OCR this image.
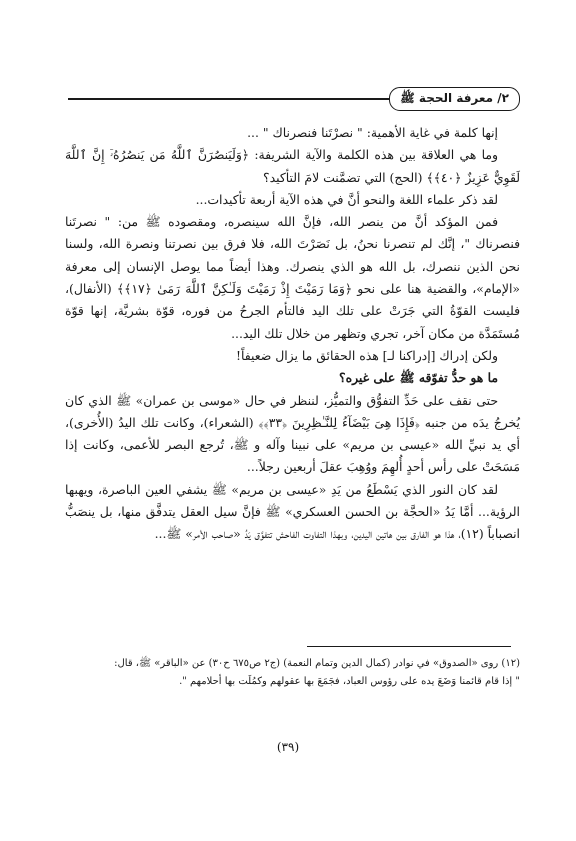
٢/ معرفة الحجة ﷺ

إنها كلمة في غاية الأهمية: " نصرْتَنا فنصرناك " ...

وما هي العلاقة بين هذه الكلمة والآية الشريفة: ﴿وَلَيَنصُرَنَّ ٱللَّهُ مَن يَنصُرُهُۥٓ إِنَّ ٱللَّهَ لَقَوِيٌّ عَزِيزٌ ﴿٤٠﴾﴾ (الحج) التي تضمَّنت لامَ التأكيد؟

لقد ذكر علماء اللغة والنحو أنَّ في هذه الآية أربعة تأكيدات...

فمن المؤكد أنَّ من ينصر الله، فإنَّ الله سينصره، ومقصوده ﷺ من: " نصرتَنا فنصرناك "، إنَّك لم تنصرنا نحنُ، بل نَصَرْتَ الله، فلا فرق بين نصرتنا ونصرة الله، ولسنا نحن الذين ننصرك، بل الله هو الذي ينصرك. وهذا أيضاً مما يوصل الإنسان إلى معرفة «الإمام»، والقضية هنا على نحو ﴿وَمَا رَمَيْتَ إِذْ رَمَيْتَ وَلَـٰكِنَّ ٱللَّهَ رَمَىٰ ﴿١٧﴾﴾ (الأنفال)، فليست القوّةُ التي جَرَتْ على تلك اليد فالتأم الجرحُ من فوره، قوّة بشريَّة، إنها قوّة مُستَمَدَّة من مكان آخر، تجري وتظهر من خلال تلك اليد...

ولكن إدراك [إدراكنا لـ] هذه الحقائق ما يزال ضعيفاً!

ما هو حدُّ تفوّقه ﷺ على غيره؟

حتى نقف على حَدِّ التفوُّق والتميُّز، لننظر في حال «موسى بن عمران» ﷺ الذي كان يُخرجُ يدَه من جنبه ﴿فَإِذَا هِىَ بَيْضَآءُ لِلنَّـٰظِرِينَ ﴿٣٣﴾﴾ (الشعراء)، وكانت تلك اليدُ (الأُخرى)، أي يد نبيِّ الله «عيسى بن مريم» على نبينا وآله و ﷺ، تُرجع البصر للأعمى، وكانت إذا مَسَحَتْ على رأس أحدٍ أُلهِمَ ووُهِبَ عقلَ أربعين رجلاً...

لقد كان النور الذي يَسْطَعُ من يَدِ «عيسى بن مريم» ﷺ يشفي العين الباصرة، ويهبها الرؤية... أمَّا يَدُ «الحجَّة بن الحسن العسكري» ﷺ فإنَّ سيل العقل يتدفَّق منها، بل ينصَبُّ انصباباً (١٢)، هذا هو الفارق بين هاتين اليدين، وبهذا التفاوت الفاحش تتفوَّق يَدُ «صاحب الأمر» ﷺ...

(١٢) روى «الصدوق» في نوادر (كمال الدين وتمام النعمة) (ج٢ ص٦٧٥ ح٣٠) عن «الباقر» ﷺ، قال:

" إذا قام قائمنا وَضَعَ يده على رؤوس العباد، فجَمَعَ بها عقولهم وكمُلَت بها أحلامهم ".

(٣٩)
